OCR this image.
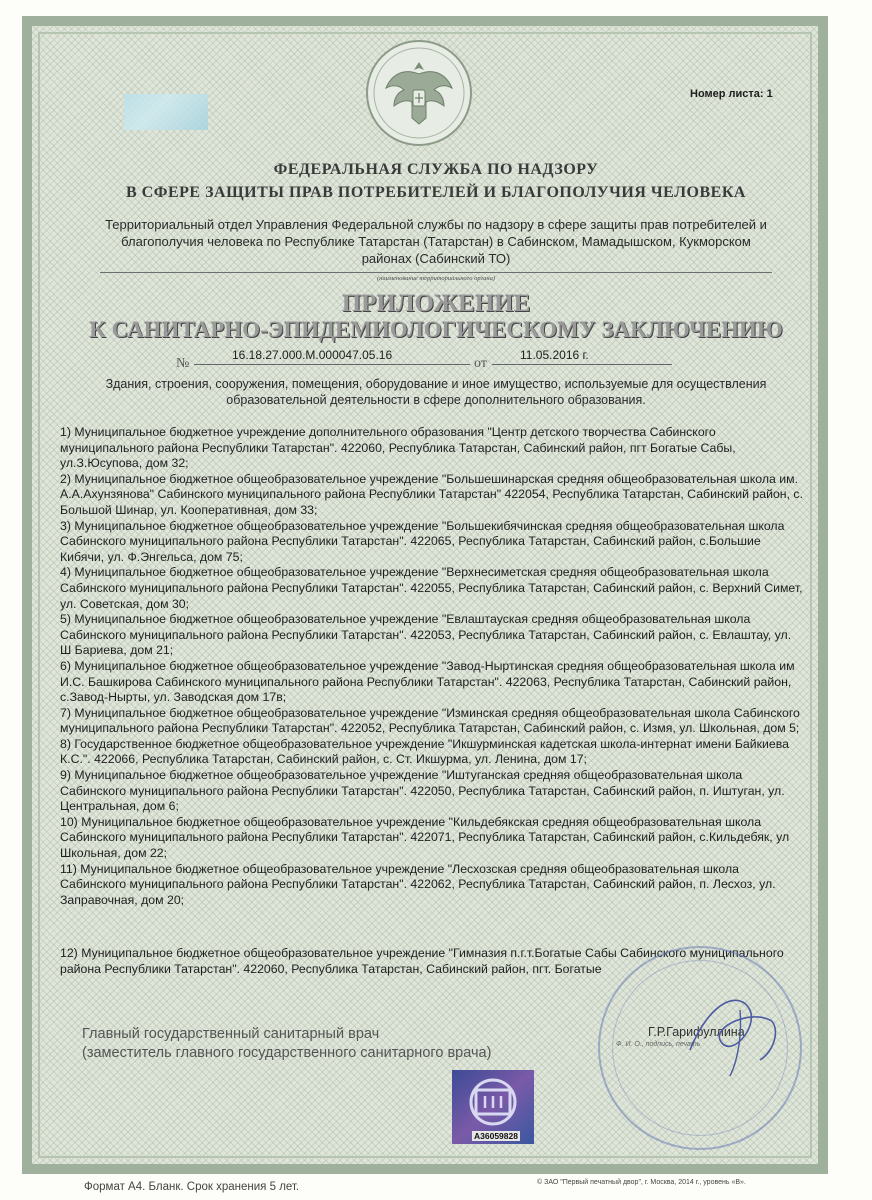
Номер листа: 1
ФЕДЕРАЛЬНАЯ СЛУЖБА ПО НАДЗОРУ
В СФЕРЕ ЗАЩИТЫ ПРАВ ПОТРЕБИТЕЛЕЙ И БЛАГОПОЛУЧИЯ ЧЕЛОВЕКА
Территориальный отдел Управления Федеральной службы по надзору в сфере защиты прав потребителей и благополучия человека по Республике Татарстан (Татарстан) в Сабинском, Мамадышском, Кукморском районах (Сабинский ТО)
(наименование территориального органа)
ПРИЛОЖЕНИЕ
К САНИТАРНО-ЭПИДЕМИОЛОГИЧЕСКОМУ ЗАКЛЮЧЕНИЮ
№
16.18.27.000.М.000047.05.16
от
11.05.2016 г.
Здания, строения, сооружения, помещения, оборудование и иное имущество, используемые для осуществления образовательной деятельности в сфере дополнительного образования.

1) Муниципальное бюджетное учреждение дополнительного образования "Центр детского творчества Сабинского муниципального района Республики Татарстан". 422060, Республика Татарстан, Сабинский район, пгт Богатые Сабы, ул.З.Юсупова, дом 32;

2) Муниципальное бюджетное общеобразовательное учреждение "Большешинарская средняя общеобразовательная школа им. А.А.Ахунзянова" Сабинского муниципального района Республики Татарстан" 422054, Республика Татарстан, Сабинский район, с. Большой Шинар, ул. Кооперативная, дом 33;

3) Муниципальное бюджетное общеобразовательное учреждение "Большекибячинская средняя общеобразовательная школа Сабинского муниципального района Республики Татарстан". 422065, Республика Татарстан, Сабинский район, с.Большие Кибячи, ул. Ф.Энгельса, дом 75;

4) Муниципальное бюджетное общеобразовательное учреждение "Верхнесиметская средняя общеобразовательная школа Сабинского муниципального района Республики Татарстан". 422055, Республика Татарстан, Сабинский район, с. Верхний Симет, ул. Советская, дом 30;

5) Муниципальное бюджетное общеобразовательное учреждение "Евлаштауская средняя общеобразовательная школа Сабинского муниципального района Республики Татарстан". 422053, Республика Татарстан, Сабинский район, с. Евлаштау, ул. Ш Бариева, дом 21;

6) Муниципальное бюджетное общеобразовательное учреждение "Завод-Ныртинская средняя общеобразовательная школа им И.С. Башкирова Сабинского муниципального района Республики Татарстан". 422063, Республика Татарстан, Сабинский район, с.Завод-Нырты, ул. Заводская дом 17в;

7) Муниципальное бюджетное общеобразовательное учреждение "Изминская средняя общеобразовательная школа Сабинского муниципального района Республики Татарстан". 422052, Республика Татарстан, Сабинский район, с. Измя, ул. Школьная, дом 5;

8) Государственное бюджетное общеобразовательное учреждение "Икшурминская кадетская школа-интернат имени Байкиева К.С.". 422066, Республика Татарстан, Сабинский район, с. Ст. Икшурма, ул. Ленина, дом 17;

9) Муниципальное бюджетное общеобразовательное учреждение "Иштуганская средняя общеобразовательная школа Сабинского муниципального района Республики Татарстан". 422050, Республика Татарстан, Сабинский район, п. Иштуган, ул. Центральная, дом 6;

10) Муниципальное бюджетное общеобразовательное учреждение "Кильдебякская средняя общеобразовательная школа Сабинского муниципального района Республики Татарстан". 422071, Республика Татарстан, Сабинский район, с.Кильдебяк, ул Школьная, дом 22;

11) Муниципальное бюджетное общеобразовательное учреждение "Лесхозская средняя общеобразовательная школа Сабинского муниципального района Республики Татарстан". 422062, Республика Татарстан, Сабинский район, п. Лесхоз, ул. Заправочная, дом 20;

12) Муниципальное бюджетное общеобразовательное учреждение "Гимназия п.г.т.Богатые Сабы Сабинского муниципального района Республики Татарстан". 422060, Республика Татарстан, Сабинский район, пгт. Богатые

Главный государственный санитарный врач
(заместитель главного государственного санитарного врача)
Г.Р.Гарифуллина
Ф. И. О., подпись, печать
А36059828
Формат А4. Бланк. Срок хранения 5 лет.	© ЗАО "Первый печатный двор", г. Москва, 2014 г., уровень «В».
